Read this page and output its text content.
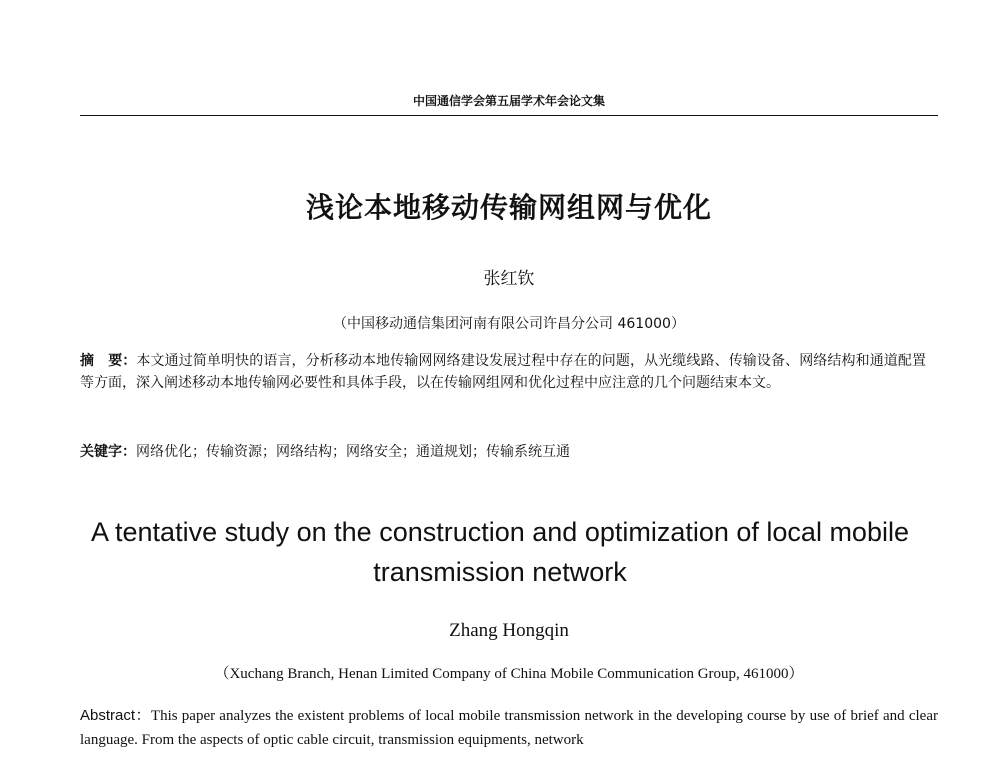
中国通信学会第五届学术年会论文集
浅论本地移动传输网组网与优化
张红钦
（中国移动通信集团河南有限公司许昌分公司 461000）
摘　要：本文通过简单明快的语言，分析移动本地传输网网络建设发展过程中存在的问题，从光缆线路、传输设备、网络结构和通道配置等方面，深入阐述移动本地传输网必要性和具体手段，以在传输网组网和优化过程中应注意的几个问题结束本文。
关键字：网络优化；传输资源；网络结构；网络安全；通道规划；传输系统互通
A tentative study on the construction and optimization of local mobile transmission network
Zhang Hongqin
（Xuchang Branch, Henan Limited Company of China Mobile Communication Group, 461000）
Abstract：This paper analyzes the existent problems of local mobile transmission network in the developing course by use of brief and clear language. From the aspects of optic cable circuit, transmission equipments, network
